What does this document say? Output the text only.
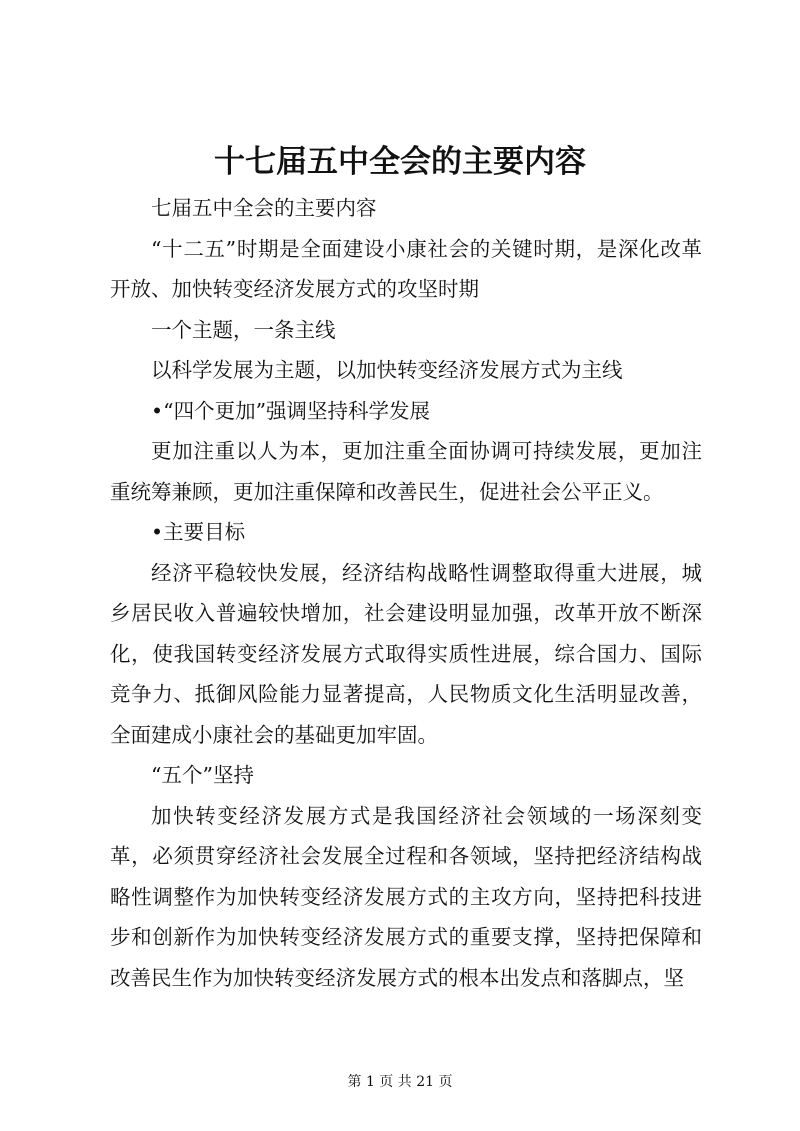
十七届五中全会的主要内容

七届五中全会的主要内容

“十二五”时期是全面建设小康社会的关键时期，是深化改革开放、加快转变经济发展方式的攻坚时期

一个主题，一条主线

以科学发展为主题，以加快转变经济发展方式为主线

•“四个更加”强调坚持科学发展

更加注重以人为本，更加注重全面协调可持续发展，更加注重统筹兼顾，更加注重保障和改善民生，促进社会公平正义。

•主要目标

经济平稳较快发展，经济结构战略性调整取得重大进展，城乡居民收入普遍较快增加，社会建设明显加强，改革开放不断深化，使我国转变经济发展方式取得实质性进展，综合国力、国际竞争力、抵御风险能力显著提高，人民物质文化生活明显改善，全面建成小康社会的基础更加牢固。

“五个”坚持

加快转变经济发展方式是我国经济社会领域的一场深刻变革，必须贯穿经济社会发展全过程和各领域，坚持把经济结构战略性调整作为加快转变经济发展方式的主攻方向，坚持把科技进步和创新作为加快转变经济发展方式的重要支撑，坚持把保障和改善民生作为加快转变经济发展方式的根本出发点和落脚点，坚

第 1 页 共 21 页
